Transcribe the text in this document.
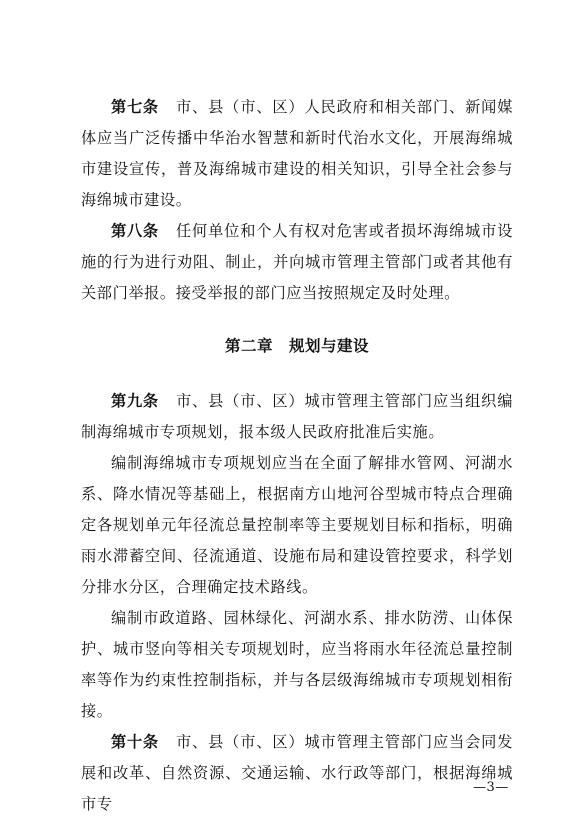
第七条 市、县（市、区）人民政府和相关部门、新闻媒体应当广泛传播中华治水智慧和新时代治水文化，开展海绵城市建设宣传，普及海绵城市建设的相关知识，引导全社会参与海绵城市建设。

第八条 任何单位和个人有权对危害或者损坏海绵城市设施的行为进行劝阻、制止，并向城市管理主管部门或者其他有关部门举报。接受举报的部门应当按照规定及时处理。

第二章 规划与建设

第九条 市、县（市、区）城市管理主管部门应当组织编制海绵城市专项规划，报本级人民政府批准后实施。

编制海绵城市专项规划应当在全面了解排水管网、河湖水系、降水情况等基础上，根据南方山地河谷型城市特点合理确定各规划单元年径流总量控制率等主要规划目标和指标，明确雨水滞蓄空间、径流通道、设施布局和建设管控要求，科学划分排水分区，合理确定技术路线。

编制市政道路、园林绿化、河湖水系、排水防涝、山体保护、城市竖向等相关专项规划时，应当将雨水年径流总量控制率等作为约束性控制指标，并与各层级海绵城市专项规划相衔接。

第十条 市、县（市、区）城市管理主管部门应当会同发展和改革、自然资源、交通运输、水行政等部门，根据海绵城市专

—3—
